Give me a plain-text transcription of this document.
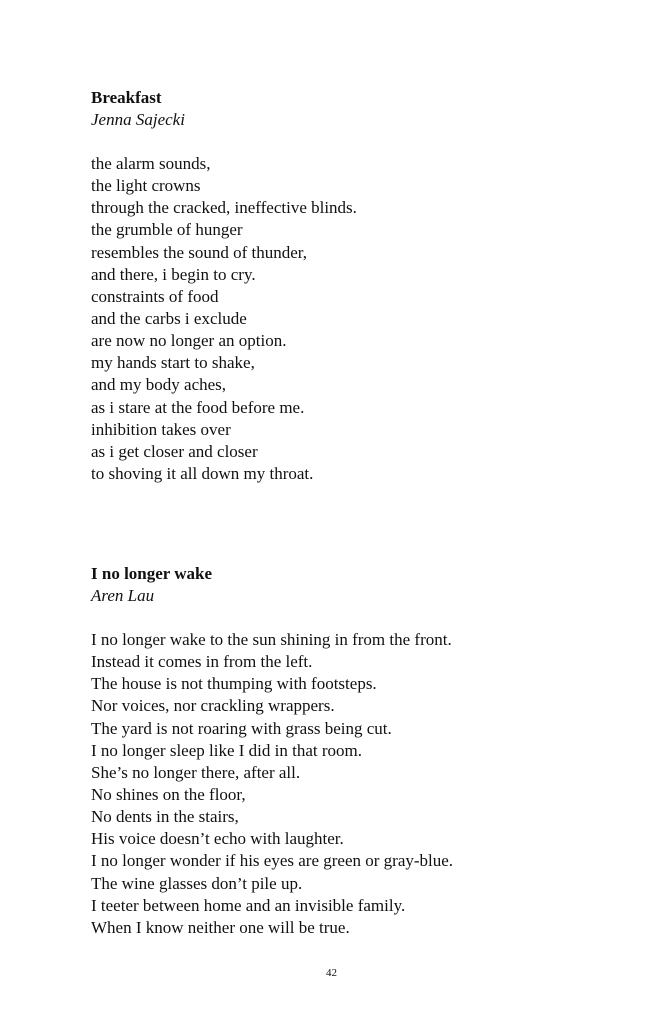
Breakfast
Jenna Sajecki
the alarm sounds,
the light crowns
through the cracked, ineffective blinds.
the grumble of hunger
resembles the sound of thunder,
and there, i begin to cry.
constraints of food
and the carbs i exclude
are now no longer an option.
my hands start to shake,
and my body aches,
as i stare at the food before me.
inhibition takes over
as i get closer and closer
to shoving it all down my throat.
I no longer wake
Aren Lau
I no longer wake to the sun shining in from the front.
Instead it comes in from the left.
The house is not thumping with footsteps.
Nor voices, nor crackling wrappers.
The yard is not roaring with grass being cut.
I no longer sleep like I did in that room.
She’s no longer there, after all.
No shines on the floor,
No dents in the stairs,
His voice doesn’t echo with laughter.
I no longer wonder if his eyes are green or gray-blue.
The wine glasses don’t pile up.
I teeter between home and an invisible family.
When I know neither one will be true.
42
